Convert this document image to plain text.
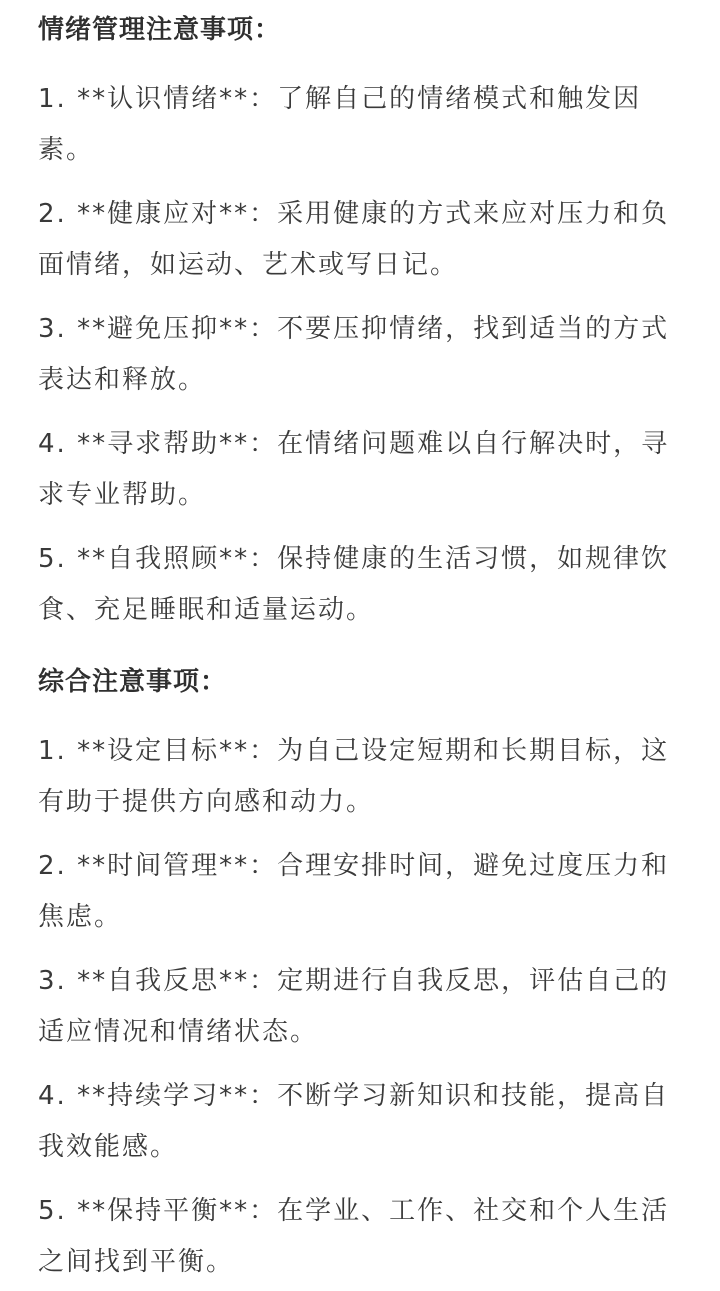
情绪管理注意事项：

1. **认识情绪**：了解自己的情绪模式和触发因素。

2. **健康应对**：采用健康的方式来应对压力和负面情绪，如运动、艺术或写日记。

3. **避免压抑**：不要压抑情绪，找到适当的方式表达和释放。

4. **寻求帮助**：在情绪问题难以自行解决时，寻求专业帮助。

5. **自我照顾**：保持健康的生活习惯，如规律饮食、充足睡眠和适量运动。

综合注意事项：

1. **设定目标**：为自己设定短期和长期目标，这有助于提供方向感和动力。

2. **时间管理**：合理安排时间，避免过度压力和焦虑。

3. **自我反思**：定期进行自我反思，评估自己的适应情况和情绪状态。

4. **持续学习**：不断学习新知识和技能，提高自我效能感。

5. **保持平衡**：在学业、工作、社交和个人生活之间找到平衡。
